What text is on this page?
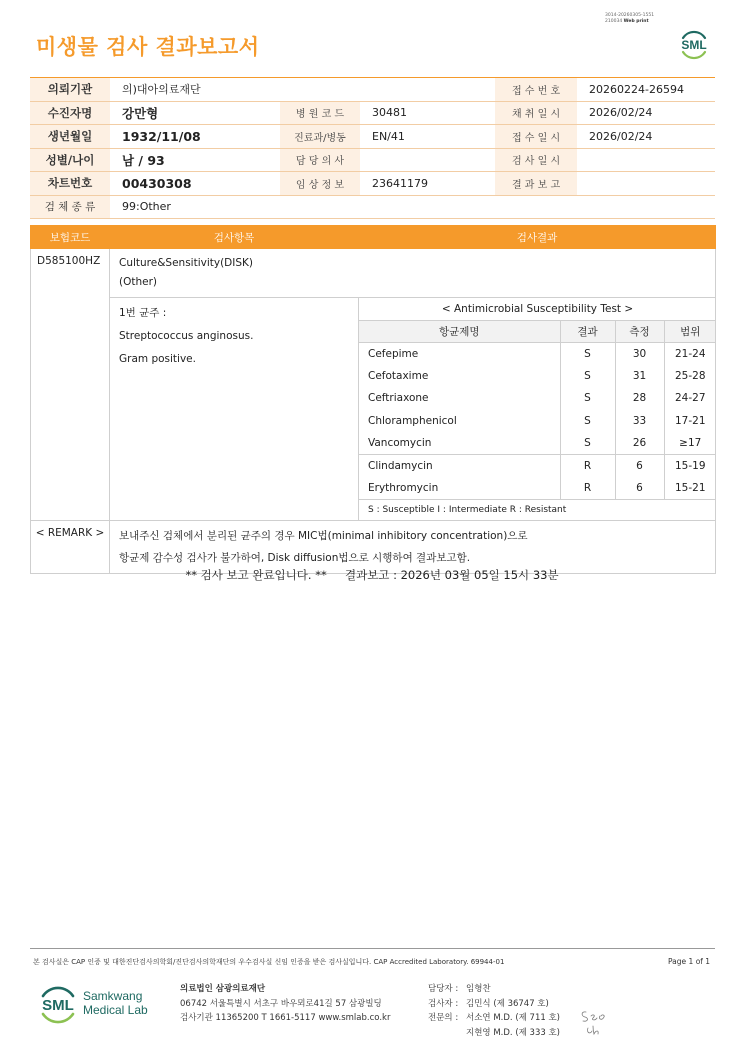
3014-20260305-1551
210034 Web print
미생물 검사 결과보고서	SML
의뢰기관	의)대아의료재단			접 수 번 호	20260224-26594
수진자명	강만형	병 원 코 드	30481	채 취 일 시	2026/02/24
생년월일	1932/11/08	진료과/병동	EN/41	접 수 일 시	2026/02/24
성별/나이	남 / 93	담 당 의 사		검 사 일 시	
차트번호	00430308	임 상 정 보	23641179	결 과 보 고	
검 체 종 류	99:Other				
보험코드	검사항목	검사결과
D585100HZ	Culture&Sensitivity(DISK)
(Other)

1번 균주 :
Streptococcus anginosus.
Gram positive.

< Antimicrobial Susceptibility Test >
항균제명	결과	측정	범위
Cefepime	S	30	21-24
Cefotaxime	S	31	25-28
Ceftriaxone	S	28	24-27
Chloramphenicol	S	33	17-21
Vancomycin	S	26	≥17
Clindamycin	R	6	15-19
Erythromycin	R	6	15-21
S : Susceptible I : Intermediate R : Resistant

< REMARK >	보내주신 검체에서 분리된 균주의 경우 MIC법(minimal inhibitory concentration)으로
항균제 감수성 검사가 불가하여, Disk diffusion법으로 시행하여 결과보고함.
** 검사 보고 완료입니다. **     결과보고 : 2026년 03월 05일 15시 33분
본 검사실은 CAP 인증 및 대한진단검사의학회/진단검사의학재단의 우수검사실 신임 인증을 받은 검사실입니다. CAP Accredited Laboratory. 69944-01	Page 1 of 1
SML
Samkwang
Medical Lab
의료법인 삼광의료재단
06742 서울특별시 서초구 바우뫼로41길 57 삼광빌딩
검사기관 11365200 T 1661-5117 www.smlab.co.kr
담당자 : 임형찬
검사자 : 김민식 (제 36747 호)
전문의 : 서소연 M.D. (제 711 호)
지현영 M.D. (제 333 호)
